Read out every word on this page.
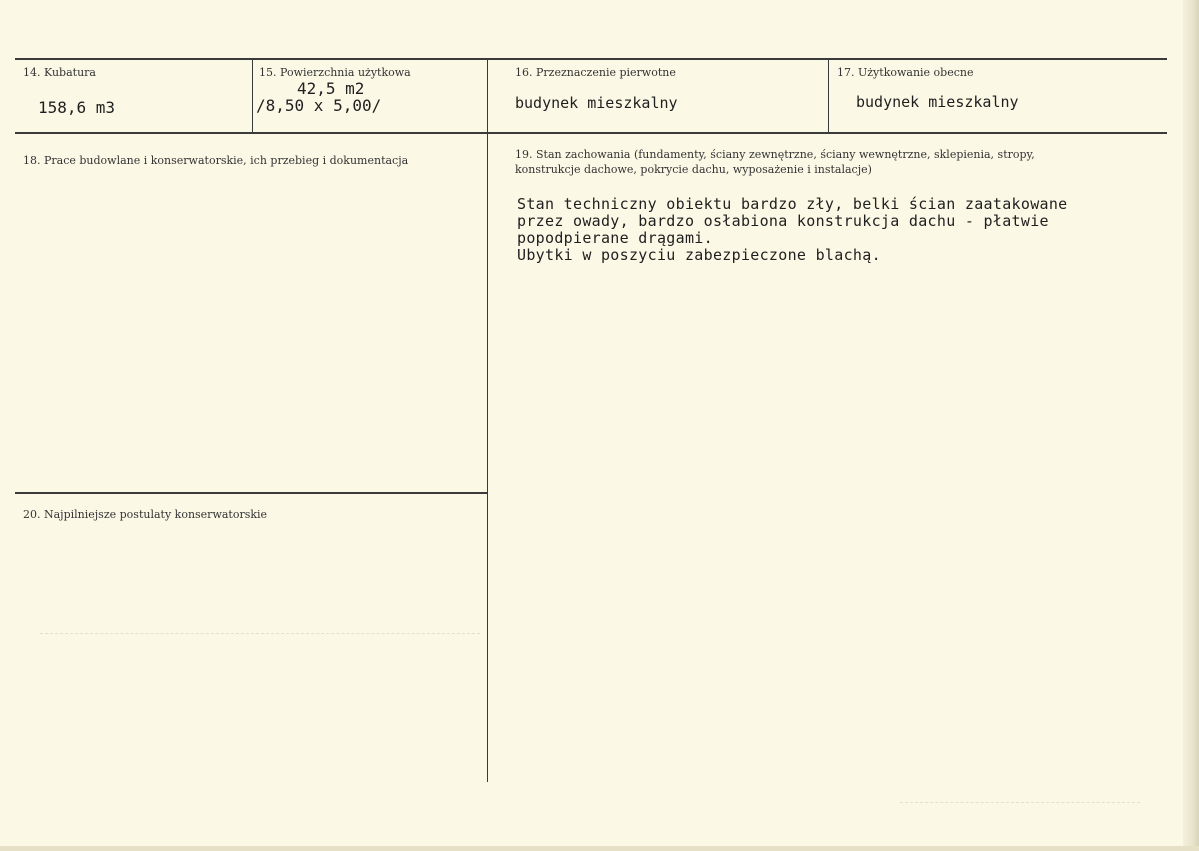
14. Kubatura
158,6 m3
15. Powierzchnia użytkowa
42,5 m2
/8,50 x 5,00/
16. Przeznaczenie pierwotne
budynek mieszkalny
17. Użytkowanie obecne
budynek mieszkalny
18. Prace budowlane i konserwatorskie, ich przebieg i dokumentacja	19. Stan zachowania (fundamenty, ściany zewnętrzne, ściany wewnętrzne, sklepienia, stropy,
konstrukcje dachowe, pokrycie dachu, wyposażenie i instalacje)
Stan techniczny obiektu bardzo zły, belki ścian zaatakowane
przez owady, bardzo osłabiona konstrukcja dachu - płatwie
popodpierane drągami.
Ubytki w poszyciu zabezpieczone blachą.
20. Najpilniejsze postulaty konserwatorskie
